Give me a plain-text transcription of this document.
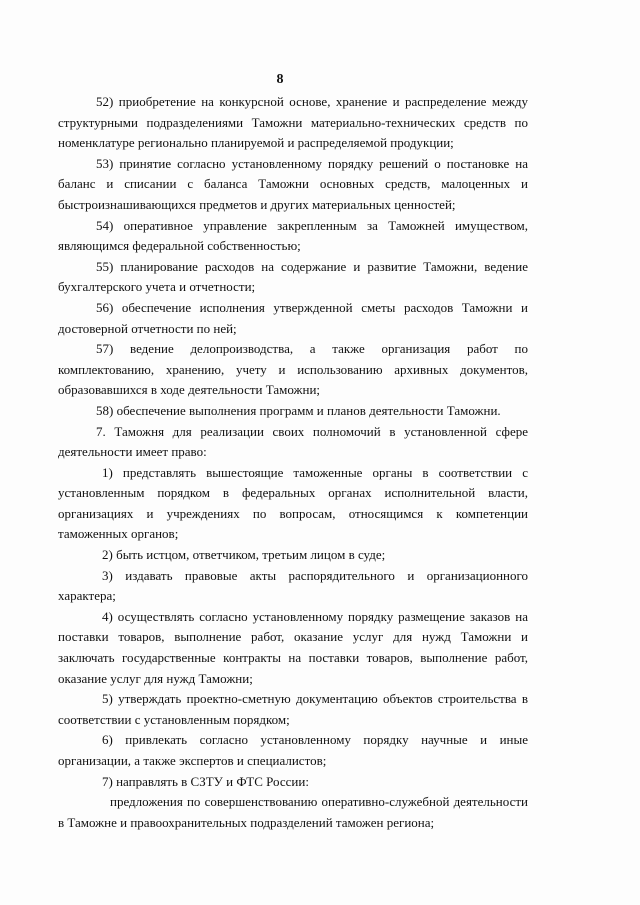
8

52) приобретение на конкурсной основе, хранение и распределение между структурными подразделениями Таможни материально-технических средств по номенклатуре регионально планируемой и распределяемой продукции;

53) принятие согласно установленному порядку решений о постановке на баланс и списании с баланса Таможни основных средств, малоценных и быстроизнашивающихся предметов и других материальных ценностей;

54) оперативное управление закрепленным за Таможней имуществом, являющимся федеральной собственностью;

55) планирование расходов на содержание и развитие Таможни, ведение бухгалтерского учета и отчетности;

56) обеспечение исполнения утвержденной сметы расходов Таможни и достоверной отчетности по ней;

57) ведение делопроизводства, а также организация работ по комплектованию, хранению, учету и использованию архивных документов, образовавшихся в ходе деятельности Таможни;

58) обеспечение выполнения программ и планов деятельности Таможни.

7. Таможня для реализации своих полномочий в установленной сфере деятельности имеет право:

1) представлять вышестоящие таможенные органы в соответствии с установленным порядком в федеральных органах исполнительной власти, организациях и учреждениях по вопросам, относящимся к компетенции таможенных органов;

2) быть истцом, ответчиком, третьим лицом в суде;

3) издавать правовые акты распорядительного и организационного характера;

4) осуществлять согласно установленному порядку размещение заказов на поставки товаров, выполнение работ, оказание услуг для нужд Таможни и заключать государственные контракты на поставки товаров, выполнение работ, оказание услуг для нужд Таможни;

5) утверждать проектно-сметную документацию объектов строительства в соответствии с установленным порядком;

6) привлекать согласно установленному порядку научные и иные организации, а также экспертов и специалистов;

7) направлять в СЗТУ и ФТС России:

предложения по совершенствованию оперативно-служебной деятельности в Таможне и правоохранительных подразделений таможен региона;
